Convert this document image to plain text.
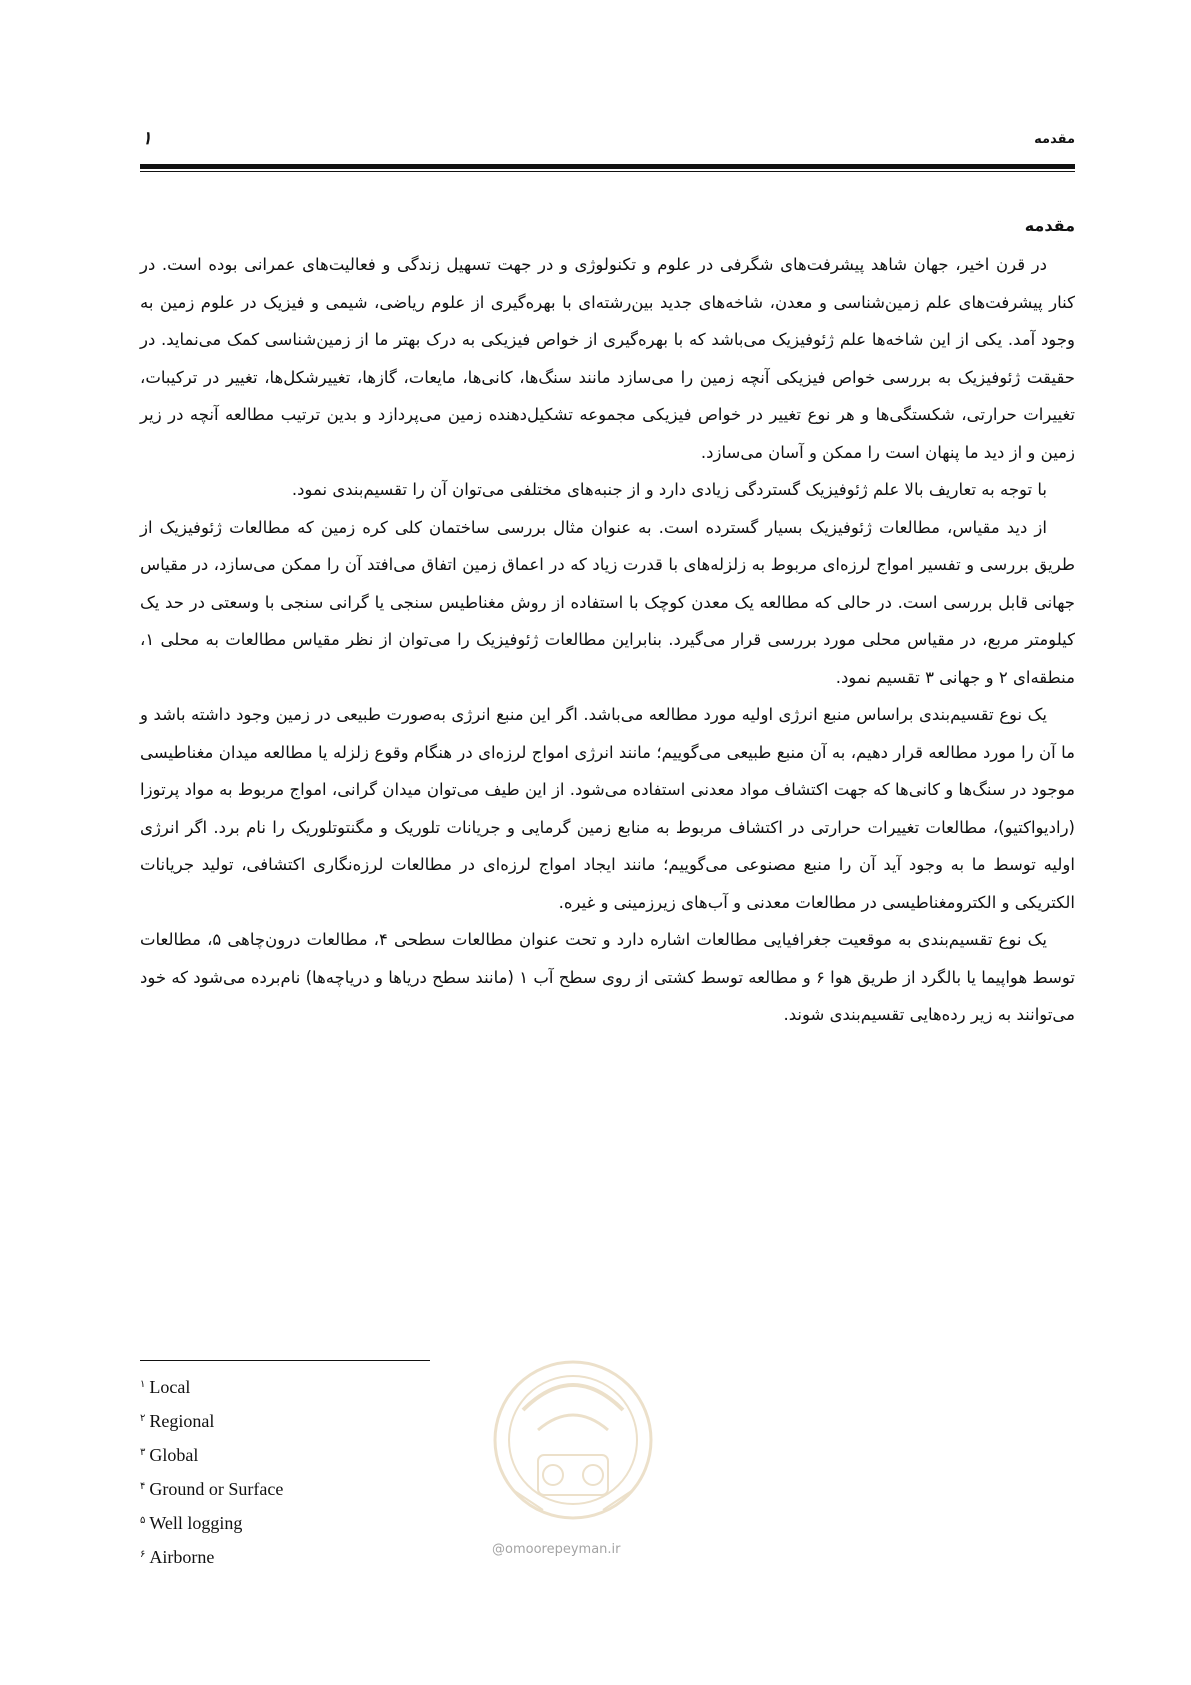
۱	مقدمه
مقدمه

در قرن اخیر، جهان شاهد پیشرفت‌های شگرفی در علوم و تکنولوژی و در جهت تسهیل زندگی و فعالیت‌های عمرانی بوده است. در کنار پیشرفت‌های علم زمین‌شناسی و معدن، شاخه‌های جدید بین‌رشته‌ای با بهره‌گیری از علوم ریاضی، شیمی و فیزیک در علوم زمین به وجود آمد. یکی از این شاخه‌ها علم ژئوفیزیک می‌باشد که با بهره‌گیری از خواص فیزیکی به درک بهتر ما از زمین‌شناسی کمک می‌نماید. در حقیقت ژئوفیزیک به بررسی خواص فیزیکی آنچه زمین را می‌سازد مانند سنگ‌ها، کانی‌ها، مایعات، گازها، تغییرشکل‌ها، تغییر در ترکیبات، تغییرات حرارتی، شکستگی‌ها و هر نوع تغییر در خواص فیزیکی مجموعه تشکیل‌دهنده زمین می‌پردازد و بدین ترتیب مطالعه آنچه در زیر زمین و از دید ما پنهان است را ممکن و آسان می‌سازد.

با توجه به تعاریف بالا علم ژئوفیزیک گستردگی زیادی دارد و از جنبه‌های مختلفی می‌توان آن را تقسیم‌بندی نمود.

از دید مقیاس، مطالعات ژئوفیزیک بسیار گسترده است. به عنوان مثال بررسی ساختمان کلی کره زمین که مطالعات ژئوفیزیک از طریق بررسی و تفسیر امواج لرزه‌ای مربوط به زلزله‌های با قدرت زیاد که در اعماق زمین اتفاق می‌افتد آن را ممکن می‌سازد، در مقیاس جهانی قابل بررسی است. در حالی که مطالعه یک معدن کوچک با استفاده از روش مغناطیس سنجی یا گرانی سنجی با وسعتی در حد یک کیلومتر مربع، در مقیاس محلی مورد بررسی قرار می‌گیرد. بنابراین مطالعات ژئوفیزیک را می‌توان از نظر مقیاس مطالعات به محلی ۱، منطقه‌ای ۲ و جهانی ۳ تقسیم نمود.

یک نوع تقسیم‌بندی براساس منبع انرژی اولیه مورد مطالعه می‌باشد. اگر این منبع انرژی به‌صورت طبیعی در زمین وجود داشته باشد و ما آن را مورد مطالعه قرار دهیم، به آن منبع طبیعی می‌گوییم؛ مانند انرژی امواج لرزه‌ای در هنگام وقوع زلزله یا مطالعه میدان مغناطیسی موجود در سنگ‌ها و کانی‌ها که جهت اکتشاف مواد معدنی استفاده می‌شود. از این طیف می‌توان میدان گرانی، امواج مربوط به مواد پرتوزا (رادیواکتیو)، مطالعات تغییرات حرارتی در اکتشاف مربوط به منابع زمین گرمایی و جریانات تلوریک و مگنتوتلوریک را نام برد. اگر انرژی اولیه توسط ما به وجود آید آن را منبع مصنوعی می‌گوییم؛ مانند ایجاد امواج لرزه‌ای در مطالعات لرزه‌نگاری اکتشافی، تولید جریانات الکتریکی و الکترومغناطیسی در مطالعات معدنی و آب‌های زیرزمینی و غیره.

یک نوع تقسیم‌بندی به موقعیت جغرافیایی مطالعات اشاره دارد و تحت عنوان مطالعات سطحی ۴، مطالعات درون‌چاهی ۵، مطالعات توسط هواپیما یا بالگرد از طریق هوا ۶ و مطالعه توسط کشتی از روی سطح آب ۱ (مانند سطح دریاها و دریاچه‌ها) نام‌برده می‌شود که خود می‌توانند به زیر رده‌هایی تقسیم‌بندی شوند.

۱ Local
۲ Regional
۳ Global
۴ Ground or Surface
۵ Well logging
۶ Airborne	@omoorepeyman.ir
